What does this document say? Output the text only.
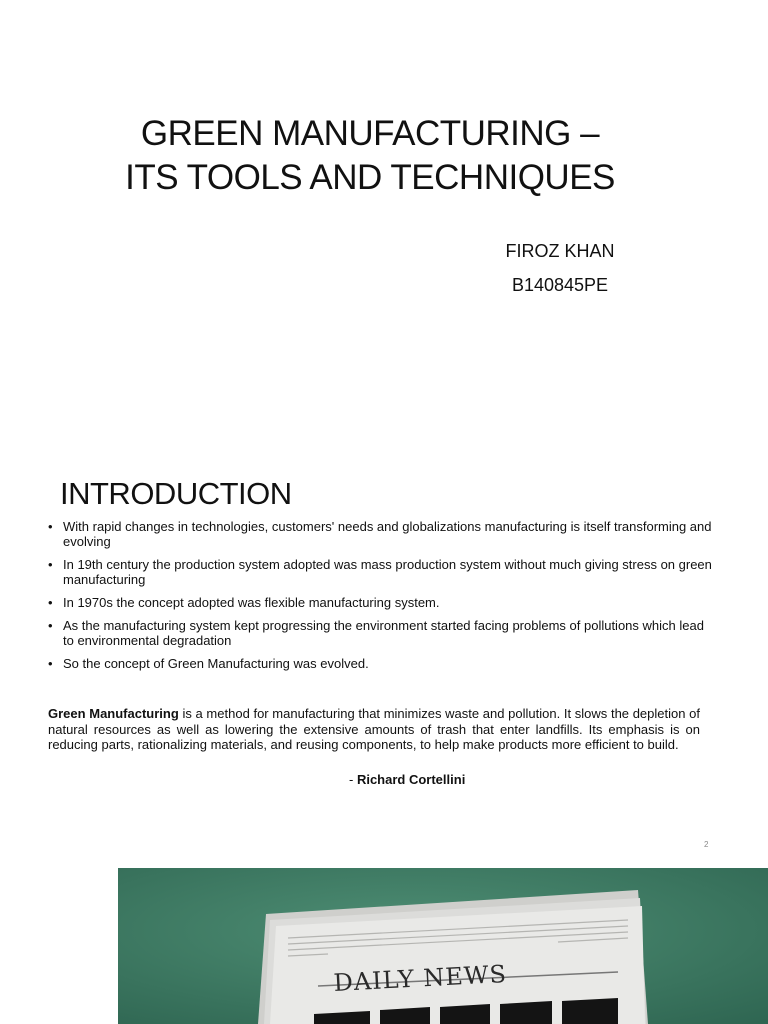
GREEN MANUFACTURING –
ITS TOOLS AND TECHNIQUES
FIROZ KHAN
B140845PE
INTRODUCTION
• With rapid changes in technologies, customers' needs and globalizations manufacturing is itself transforming and evolving
• In 19th century the production system adopted was mass production system without much giving stress on green manufacturing
• In 1970s the concept adopted was flexible manufacturing system.
• As the manufacturing system kept progressing the environment started facing problems of pollutions which lead to environmental degradation
• So the concept of Green Manufacturing was evolved.
Green Manufacturing is a method for manufacturing that minimizes waste and pollution. It slows the depletion of natural resources as well as lowering the extensive amounts of trash that enter landfills. Its emphasis is on reducing parts, rationalizing materials, and reusing components, to help make products more efficient to build.
- Richard Cortellini
2
DAILY NEWS
